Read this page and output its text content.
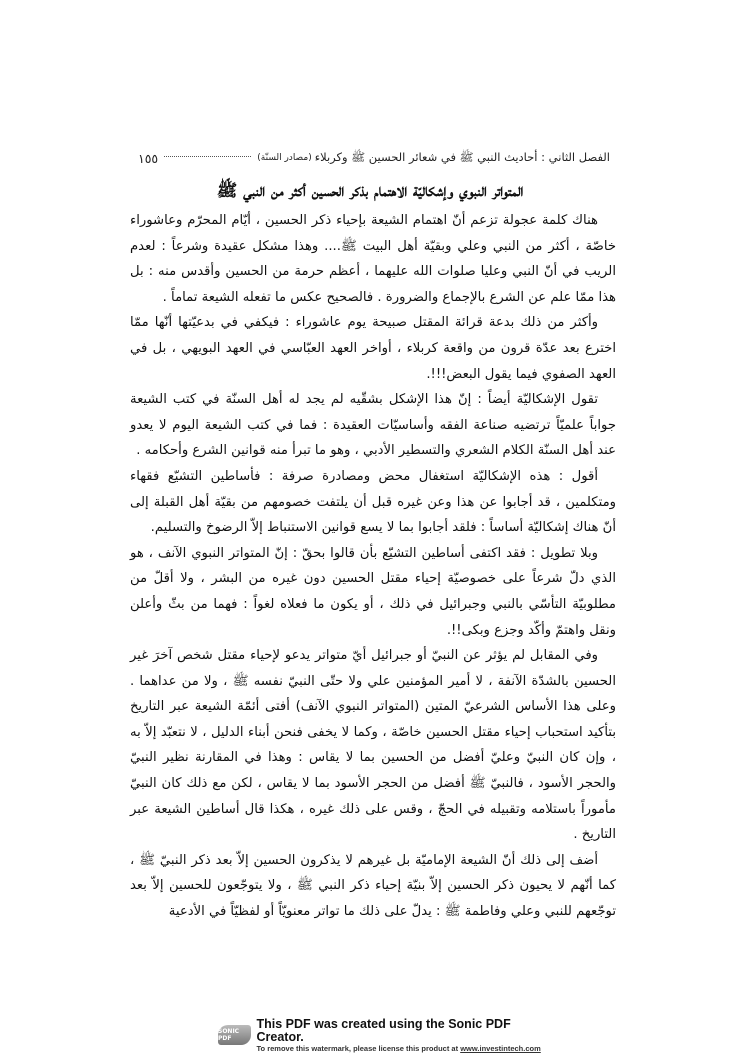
الفصل الثاني : أحاديث النبي ﷺ في شعائر الحسين ﷺ وكربلاء
(مصادر السنّة)
١٥٥
المتواتر النبوي وإشكاليّة الاهتمام بذكر الحسين أكثر من النبي ﷺ

هناك كلمة عجولة تزعم أنّ اهتمام الشيعة بإحياء ذكر الحسين ، أيّام المحرّم وعاشوراء خاصّة ، أكثر من النبي وعلي وبقيّة أهل البيت ﷺ.... وهذا مشكل عقيدة وشرعاً : لعدم الريب في أنّ النبي وعليا صلوات الله عليهما ، أعظم حرمة من الحسين وأقدس منه : بل هذا ممّا علم عن الشرع بالإجماع والضرورة . فالصحيح عكس ما تفعله الشيعة تماماً .

وأكثر من ذلك بدعة قرائة المقتل صبيحة يوم عاشوراء : فيكفي في بدعيّتها أنّها ممّا اخترع بعد عدّة قرون من واقعة كربلاء ، أواخر العهد العبّاسي في العهد البويهي ، بل في العهد الصفوي فيما يقول البعض!!!.

تقول الإشكاليّة أيضاً : إنّ هذا الإشكل بشقّيه لم يجد له أهل السنّة في كتب الشيعة جواباً علميّاً ترتضيه صناعة الفقه وأساسيّات العقيدة : فما في كتب الشيعة اليوم لا يعدو عند أهل السنّة الكلام الشعري والتسطير الأدبي ، وهو ما تبرأ منه قوانين الشرع وأحكامه .

أقول : هذه الإشكاليّة استغفال محض ومصادرة صرفة : فأساطين التشيّع فقهاء ومتكلمين ، قد أجابوا عن هذا وعن غيره قبل أن يلتفت خصومهم من بقيّة أهل القبلة إلى أنّ هناك إشكاليّة أساساً : فلقد أجابوا بما لا يسع قوانين الاستنباط إلاّ الرضوخ والتسليم.

وبلا تطويل : فقد اكتفى أساطين التشيّع بأن قالوا بحقّ : إنّ المتواتر النبوي الآنف ، هو الذي دلّ شرعاً على خصوصيّة إحياء مقتل الحسين دون غيره من البشر ، ولا أقلّ من مطلوبيّة التأسّي بالنبي وجبرائيل في ذلك ، أو يكون ما فعلاه لغواً : فهما من بثّ وأعلن ونقل واهتمّ وأكّد وجزع وبكى!!.

وفي المقابل لم يؤثر عن النبيّ أو جبرائيل أيّ متواتر يدعو لإحياء مقتل شخص آخرَ غير الحسين بالشدّة الآنفة ، لا أمير المؤمنين علي ولا حتّى النبيّ نفسه ﷺ ، ولا من عداهما . وعلى هذا الأساس الشرعيّ المتين (المتواتر النبوي الآنف) أفتى أئمّة الشيعة عبر التاريخ بتأكيد استحباب إحياء مقتل الحسين خاصّة ، وكما لا يخفى فنحن أبناء الدليل ، لا نتعبّد إلاّ به ، وإن كان النبيّ وعليّ أفضل من الحسين بما لا يقاس : وهذا في المقارنة نظير النبيّ والحجر الأسود ، فالنبيّ ﷺ أفضل من الحجر الأسود بما لا يقاس ، لكن مع ذلك كان النبيّ مأموراً باستلامه وتقبيله في الحجّ ، وقس على ذلك غيره ، هكذا قال أساطين الشيعة عبر التاريخ .

أضف إلى ذلك أنّ الشيعة الإماميّة بل غيرهم لا يذكرون الحسين إلاّ بعد ذكر النبيّ ﷺ ، كما أنّهم لا يحيون ذكر الحسين إلاّ بنيّة إحياء ذكر النبي ﷺ ، ولا يتوجّعون للحسين إلاّ بعد توجّعهم للنبي وعلي وفاطمة ﷺ : يدلّ على ذلك ما تواتر معنويّاً أو لفظيّاً في الأدعية

SONIC PDF
This PDF was created using the Sonic PDF Creator.
To remove this watermark, please license this product at www.investintech.com
